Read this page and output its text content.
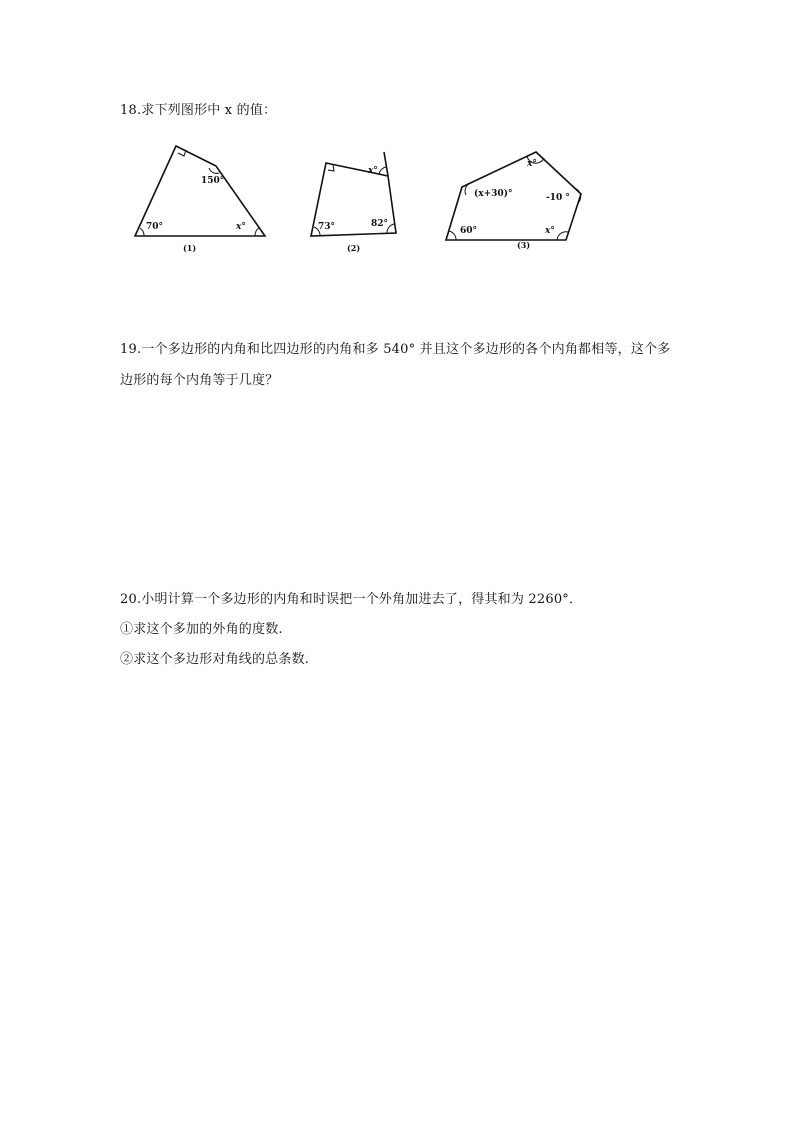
18.求下列图形中 x 的值：
150°
70°	x°
(1)
x°
73°	82°
(2)
x°
(x+30)°	-10 °
60°	x°
(3)
19.一个多边形的内角和比四边形的内角和多 540° 并且这个多边形的各个内角都相等，这个多
边形的每个内角等于几度？
20.小明计算一个多边形的内角和时误把一个外角加进去了，得其和为 2260°．
①求这个多加的外角的度数.
②求这个多边形对角线的总条数.
